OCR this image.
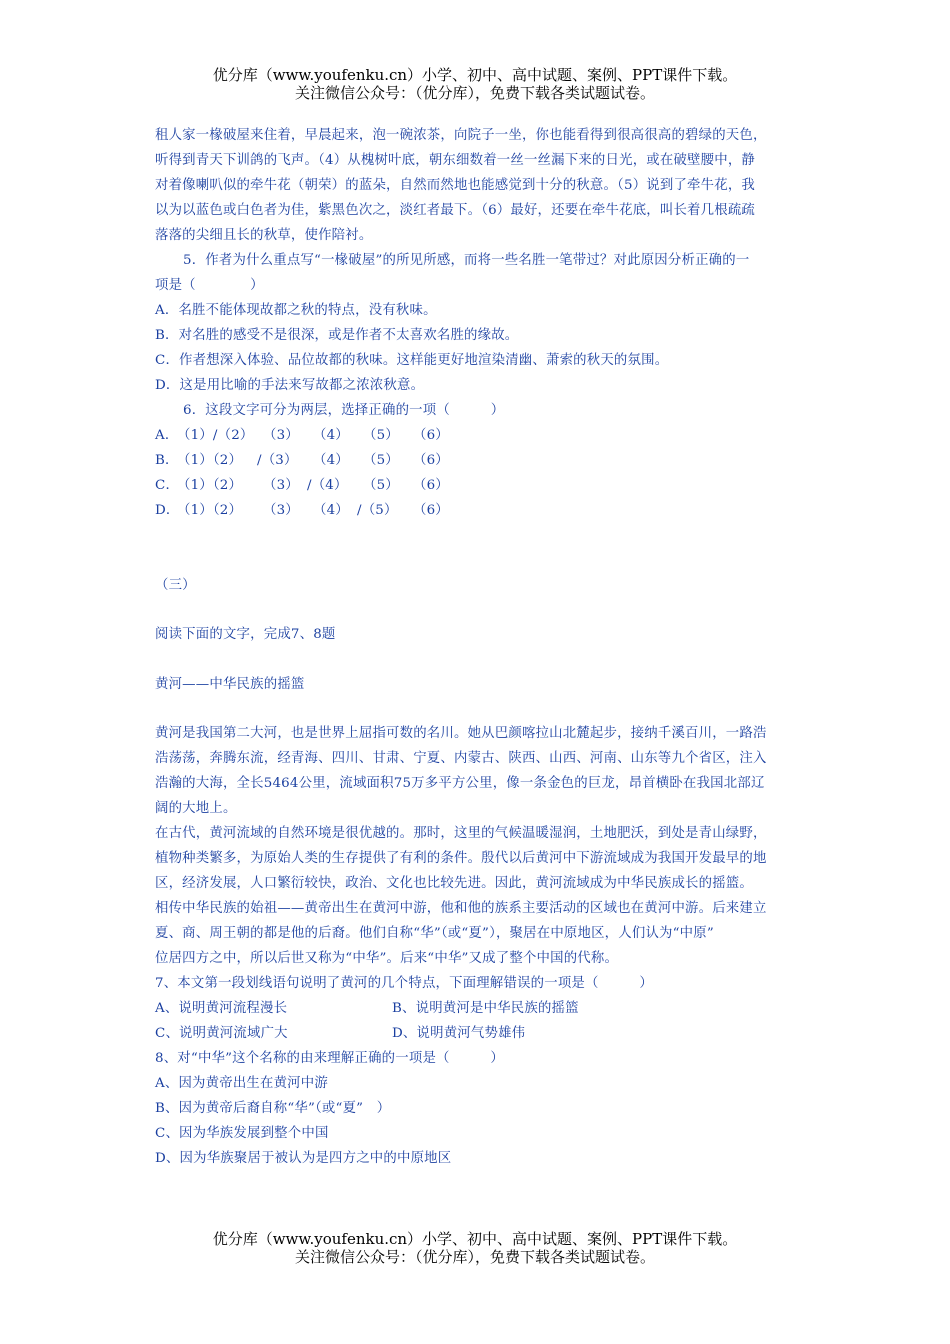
优分库（www.youfenku.cn）小学、初中、高中试题、案例、PPT课件下载。
关注微信公众号：（优分库），免费下载各类试题试卷。
租人家一椽破屋来住着，早晨起来，泡一碗浓茶，向院子一坐，你也能看得到很高很高的碧绿的天色，
听得到青天下训鸽的飞声。（4）从槐树叶底，朝东细数着一丝一丝漏下来的日光，或在破壁腰中，静
对着像喇叭似的牵牛花（朝荣）的蓝朵，自然而然地也能感觉到十分的秋意。（5）说到了牵牛花，我
以为以蓝色或白色者为佳，紫黑色次之，淡红者最下。（6）最好，还要在牵牛花底，叫长着几根疏疏
落落的尖细且长的秋草，使作陪衬。
5．作者为什么重点写“一椽破屋”的所见所感，而将一些名胜一笔带过？对此原因分析正确的一
项是（　　　　）
A．名胜不能体现故都之秋的特点，没有秋味。
B．对名胜的感受不是很深，或是作者不太喜欢名胜的缘故。
C．作者想深入体验、品位故都的秋味。这样能更好地渲染清幽、萧索的秋天的氛围。
D．这是用比喻的手法来写故都之浓浓秋意。
6．这段文字可分为两层，选择正确的一项（　　　）
A．（1）/（2） （3） （4） （5） （6）
B．（1）（2） /（3） （4） （5） （6）
C．（1）（2） （3） /（4） （5） （6）
D．（1）（2） （3） （4） /（5） （6）
（三）
阅读下面的文字，完成7、8题
黄河——中华民族的摇篮
黄河是我国第二大河，也是世界上屈指可数的名川。她从巴颜喀拉山北麓起步，接纳千溪百川，一路浩
浩荡荡，奔腾东流，经青海、四川、甘肃、宁夏、内蒙古、陕西、山西、河南、山东等九个省区，注入
浩瀚的大海，全长5464公里，流域面积75万多平方公里，像一条金色的巨龙，昂首横卧在我国北部辽
阔的大地上。
在古代，黄河流域的自然环境是很优越的。那时，这里的气候温暖湿润，土地肥沃，到处是青山绿野，
植物种类繁多，为原始人类的生存提供了有利的条件。殷代以后黄河中下游流域成为我国开发最早的地
区，经济发展，人口繁衍较快，政治、文化也比较先进。因此，黄河流域成为中华民族成长的摇篮。
相传中华民族的始祖——黄帝出生在黄河中游，他和他的族系主要活动的区域也在黄河中游。后来建立
夏、商、周王朝的都是他的后裔。他们自称“华”（或“夏”），聚居在中原地区，人们认为“中原”
位居四方之中，所以后世又称为“中华”。后来“中华”又成了整个中国的代称。
7、本文第一段划线语句说明了黄河的几个特点，下面理解错误的一项是（　　　）
A、说明黄河流程漫长	B、说明黄河是中华民族的摇篮
C、说明黄河流域广大	D、说明黄河气势雄伟
8、对“中华”这个名称的由来理解正确的一项是（　　　）
A、因为黄帝出生在黄河中游
B、因为黄帝后裔自称“华”（或“夏”　）
C、因为华族发展到整个中国
D、因为华族聚居于被认为是四方之中的中原地区
优分库（www.youfenku.cn）小学、初中、高中试题、案例、PPT课件下载。
关注微信公众号：（优分库），免费下载各类试题试卷。
